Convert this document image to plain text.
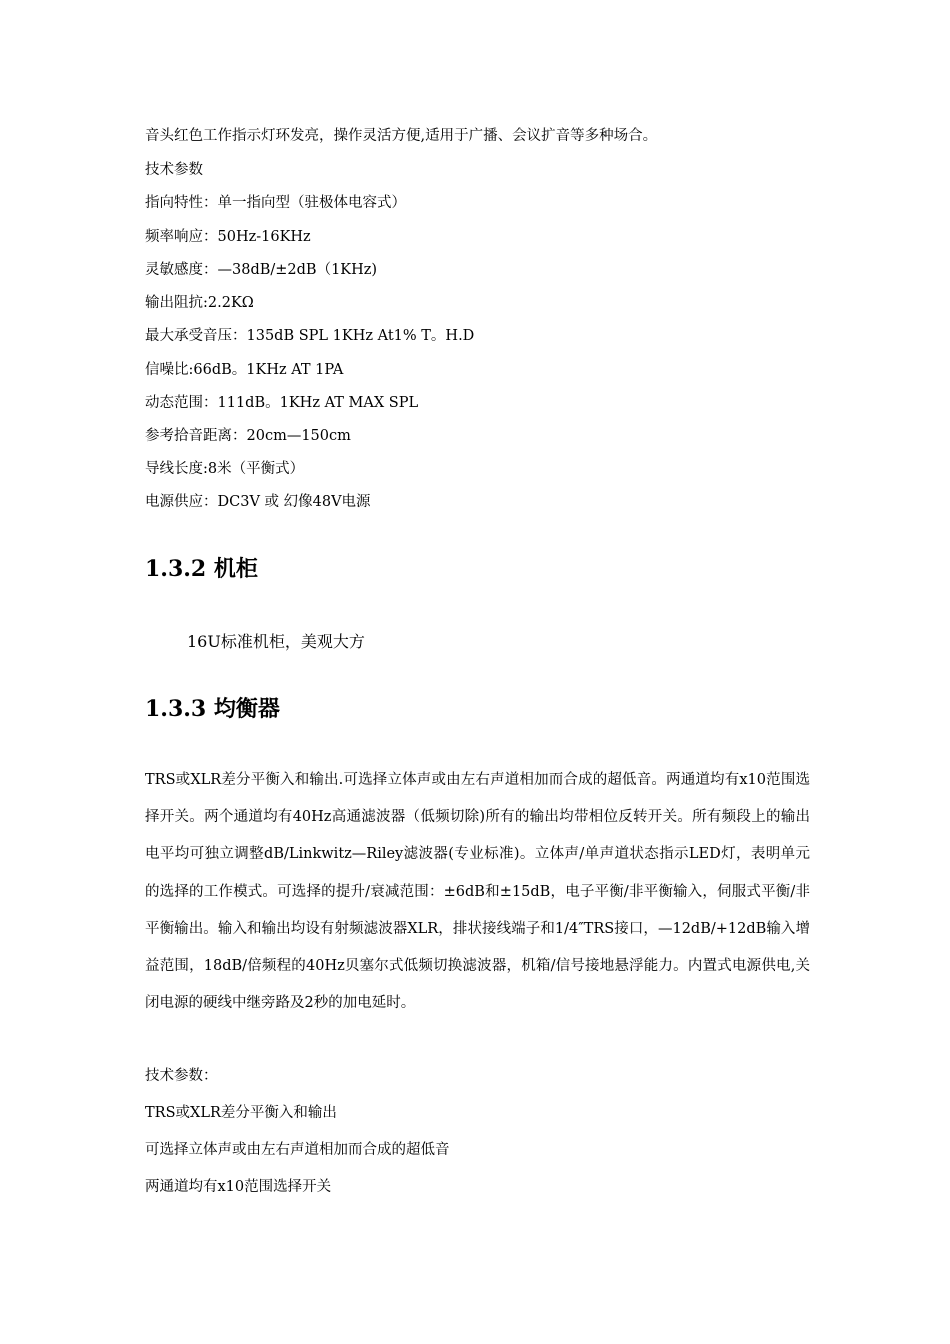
音头红色工作指示灯环发亮，操作灵活方便,适用于广播、会议扩音等多种场合。
技术参数
指向特性：单一指向型（驻极体电容式）
频率响应：50Hz-16KHz
灵敏感度：—38dB/±2dB（1KHz)
输出阻抗:2.2KΩ
最大承受音压：135dB SPL 1KHz At1% T。H.D
信噪比:66dB。1KHz AT 1PA
动态范围：111dB。1KHz AT MAX SPL
参考拾音距离：20cm—150cm
导线长度:8米（平衡式）
电源供应：DC3V 或 幻像48V电源
1.3.2 机柜
16U标准机柜，美观大方
1.3.3 均衡器
TRS或XLR差分平衡入和输出.可选择立体声或由左右声道相加而合成的超低音。两通道均有x10范围选择开关。两个通道均有40Hz高通滤波器（低频切除)所有的输出均带相位反转开关。所有频段上的输出电平均可独立调整dB/Linkwitz—Riley滤波器(专业标准)。立体声/单声道状态指示LED灯，表明单元的选择的工作模式。可选择的提升/衰减范围：±6dB和±15dB，电子平衡/非平衡输入，伺服式平衡/非平衡输出。输入和输出均设有射频滤波器XLR，排状接线端子和1/4″TRS接口，—12dB/+12dB输入增益范围，18dB/倍频程的40Hz贝塞尔式低频切换滤波器，机箱/信号接地悬浮能力。内置式电源供电,关闭电源的硬线中继旁路及2秒的加电延时。
技术参数：
TRS或XLR差分平衡入和输出
可选择立体声或由左右声道相加而合成的超低音
两通道均有x10范围选择开关
